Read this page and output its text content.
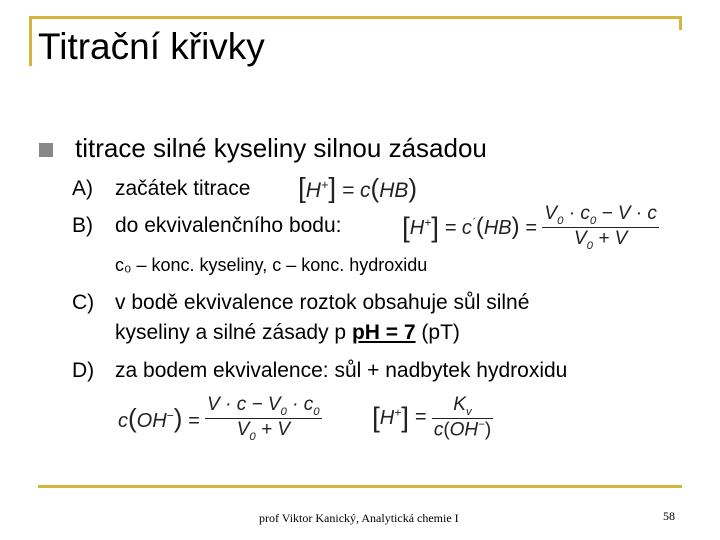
Titrační křivky
titrace silné kyseliny silnou zásadou
A) začátek titrace [H+] = c(HB)
B) do ekvivalenčního bodu: $[H^+] = c^´(HB) = \frac{V_0 \cdot c_0 - V \cdot c}{V_0 + V}$
c₀ – konc. kyseliny, c – konc. hydroxidu
C) v bodě ekvivalence roztok obsahuje sůl silné
kyseliny a silné zásady p pH = 7 (pT)
D) za bodem ekvivalence: sůl + nadbytek hydroxidu
$c(OH^-) = \frac{V \cdot c - V_0 \cdot c_0}{V_0 + V} [H^+] = \frac{K_v}{c(OH^-)}$
prof Viktor Kanický, Analytická chemie I	58
